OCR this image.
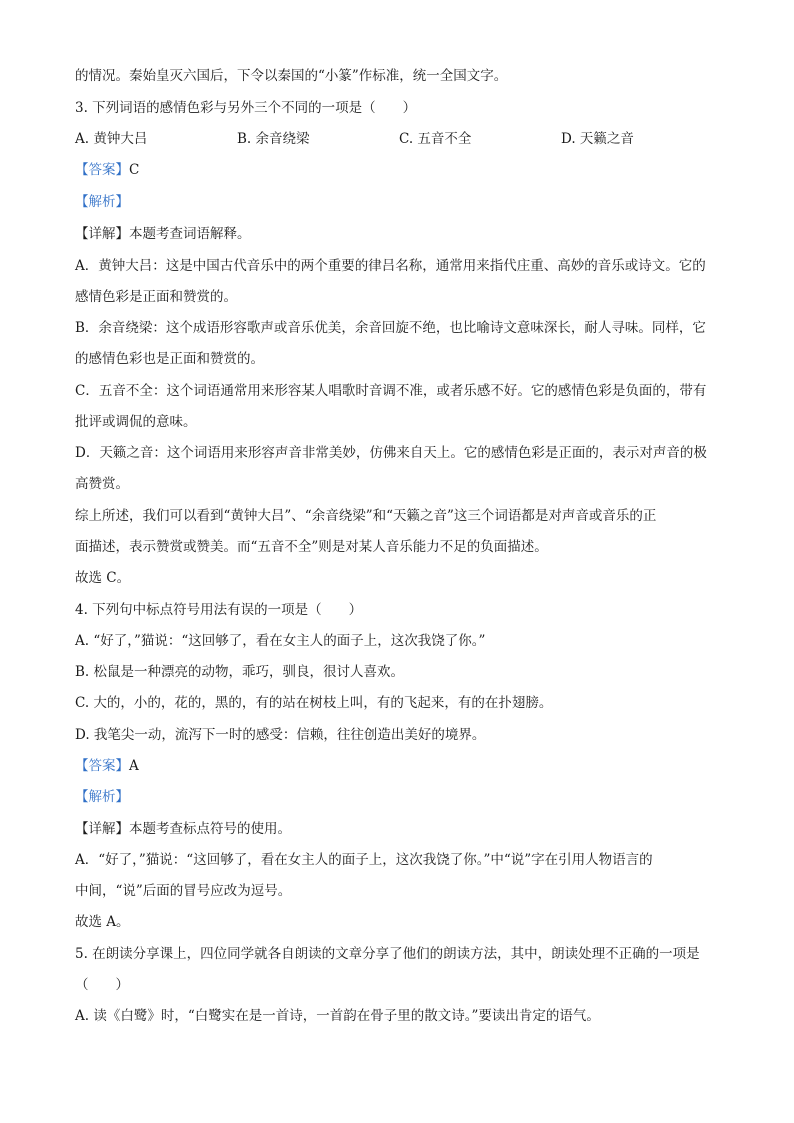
的情况。秦始皇灭六国后，下令以秦国的“小篆”作标准，统一全国文字。
3. 下列词语的感情色彩与另外三个不同的一项是（　　）
A. 黄钟大吕	B. 余音绕梁	C. 五音不全	D. 天籁之音
【答案】C
【解析】
【详解】本题考查词语解释。
A．黄钟大吕：这是中国古代音乐中的两个重要的律吕名称，通常用来指代庄重、高妙的音乐或诗文。它的
感情色彩是正面和赞赏的。
B．余音绕梁：这个成语形容歌声或音乐优美，余音回旋不绝，也比喻诗文意味深长，耐人寻味。同样，它
的感情色彩也是正面和赞赏的。
C．五音不全：这个词语通常用来形容某人唱歌时音调不准，或者乐感不好。它的感情色彩是负面的，带有
批评或调侃的意味。
D．天籁之音：这个词语用来形容声音非常美妙，仿佛来自天上。它的感情色彩是正面的，表示对声音的极
高赞赏。
综上所述，我们可以看到“黄钟大吕”、“余音绕梁”和“天籁之音”这三个词语都是对声音或音乐的正
面描述，表示赞赏或赞美。而“五音不全”则是对某人音乐能力不足的负面描述。
故选 C。
4. 下列句中标点符号用法有误的一项是（　　）
A. “好了，”猫说：“这回够了，看在女主人的面子上，这次我饶了你。”
B. 松鼠是一种漂亮的动物，乖巧，驯良，很讨人喜欢。
C. 大的，小的，花的，黑的，有的站在树枝上叫，有的飞起来，有的在扑翅膀。
D. 我笔尖一动，流泻下一时的感受：信赖，往往创造出美好的境界。
【答案】A
【解析】
【详解】本题考查标点符号的使用。
A．“好了，”猫说：“这回够了，看在女主人的面子上，这次我饶了你。”中“说”字在引用人物语言的
中间，“说”后面的冒号应改为逗号。
故选 A。
5. 在朗读分享课上，四位同学就各自朗读的文章分享了他们的朗读方法，其中，朗读处理不正确的一项是
（　　）
A. 读《白鹭》时，“白鹭实在是一首诗，一首韵在骨子里的散文诗。”要读出肯定的语气。
